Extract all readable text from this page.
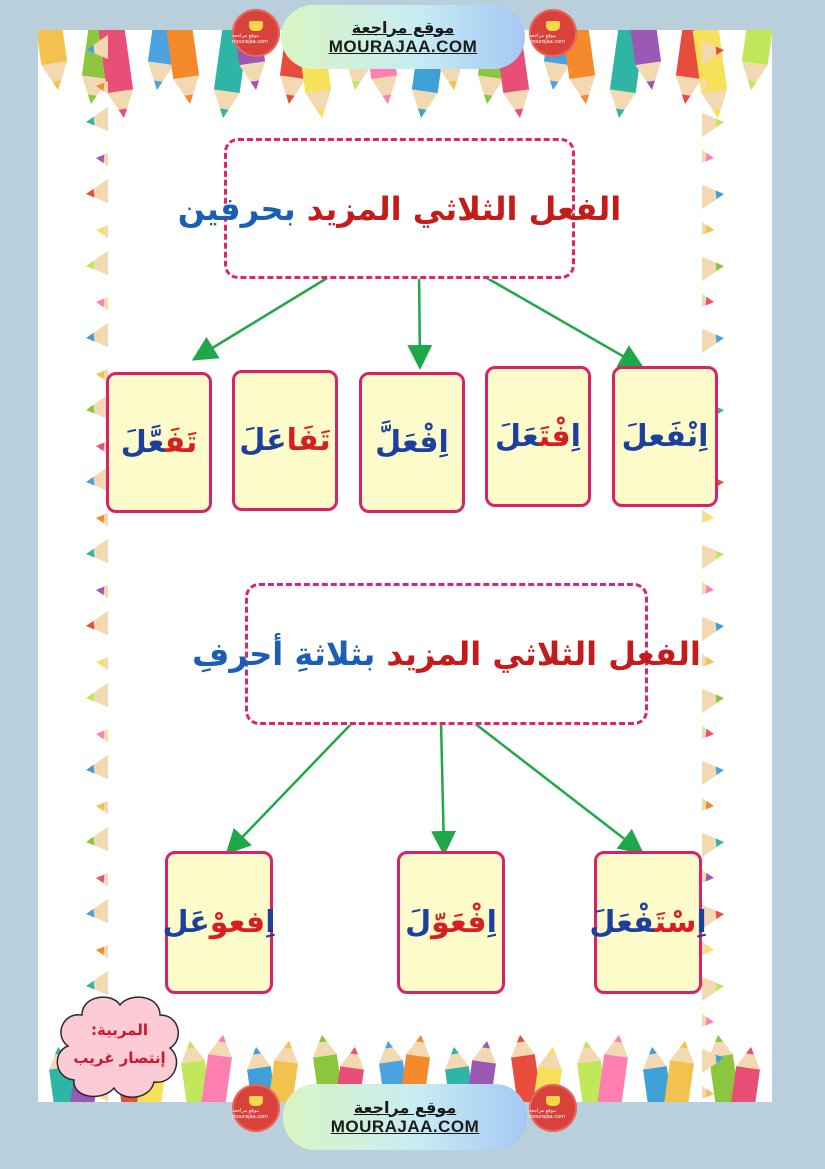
الفعل الثلاثي المزيد بحرفين
اِنْفَعلَ
اِفْتَعَلَ
اِفْعَلَّ
تَفَاعَلَ
تَفَعَّلَ
الفعل الثلاثي المزيد بثلاثةِ أحرفِ
اِسْتَفْعَلَ
اِفْعَوّلَ
اِفعوْعَل
المربية:
إنتصار غريب
موقع مراجعة mourajaa.com
موقع مراجعة
MOURAJAA.COM
موقع مراجعة mourajaa.com
موقع مراجعة mourajaa.com
موقع مراجعة
MOURAJAA.COM
موقع مراجعة mourajaa.com
